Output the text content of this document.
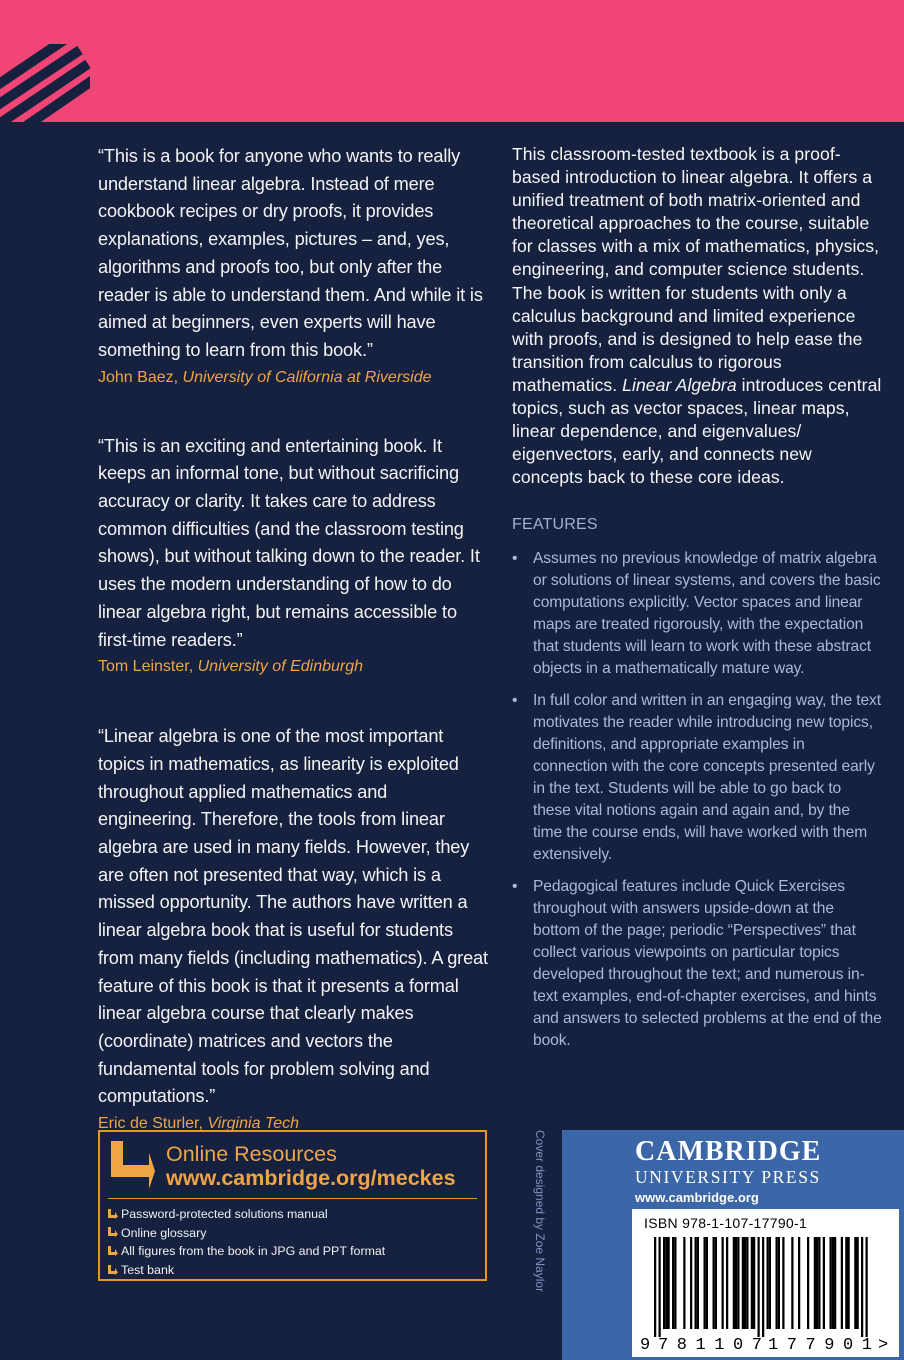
“This is a book for anyone who wants to really understand linear algebra. Instead of mere cookbook recipes or dry proofs, it provides explanations, examples, pictures – and, yes, algorithms and proofs too, but only after the reader is able to understand them. And while it is aimed at beginners, even experts will have something to learn from this book.”

John Baez, University of California at Riverside

“This is an exciting and entertaining book. It keeps an informal tone, but without sacrificing accuracy or clarity. It takes care to address common difficulties (and the classroom testing shows), but without talking down to the reader. It uses the modern understanding of how to do linear algebra right, but remains accessible to first-time readers.”

Tom Leinster, University of Edinburgh

“Linear algebra is one of the most important topics in mathematics, as linearity is exploited throughout applied mathematics and engineering. Therefore, the tools from linear algebra are used in many fields. However, they are often not presented that way, which is a missed opportunity. The authors have written a linear algebra book that is useful for students from many fields (including mathematics). A great feature of this book is that it presents a formal linear algebra course that clearly makes (coordinate) matrices and vectors the fundamental tools for problem solving and computations.”

Eric de Sturler, Virginia Tech

This classroom-tested textbook is a proof-based introduction to linear algebra. It offers a unified treatment of both matrix-oriented and theoretical approaches to the course, suitable for classes with a mix of mathematics, physics, engineering, and computer science students. The book is written for students with only a calculus background and limited experience with proofs, and is designed to help ease the transition from calculus to rigorous mathematics. Linear Algebra introduces central topics, such as vector spaces, linear maps, linear dependence, and eigenvalues/ eigenvectors, early, and connects new concepts back to these core ideas.

FEATURES

• Assumes no previous knowledge of matrix algebra or solutions of linear systems, and covers the basic computations explicitly. Vector spaces and linear maps are treated rigorously, with the expectation that students will learn to work with these abstract objects in a mathematically mature way.
• In full color and written in an engaging way, the text motivates the reader while introducing new topics, definitions, and appropriate examples in connection with the core concepts presented early in the text. Students will be able to go back to these vital notions again and again and, by the time the course ends, will have worked with them extensively.
• Pedagogical features include Quick Exercises throughout with answers upside-down at the bottom of the page; periodic “Perspectives” that collect various viewpoints on particular topics developed throughout the text; and numerous in-text examples, end-of-chapter exercises, and hints and answers to selected problems at the end of the book.
Online Resources
www.cambridge.org/meckes
Password-protected solutions manual
Online glossary
All figures from the book in JPG and PPT format
Test bank	Cover designed by Zoe Naylor	CAMBRIDGE
UNIVERSITY PRESS
www.cambridge.org
ISBN 978-1-107-17790-1
9 781107 177901 >
